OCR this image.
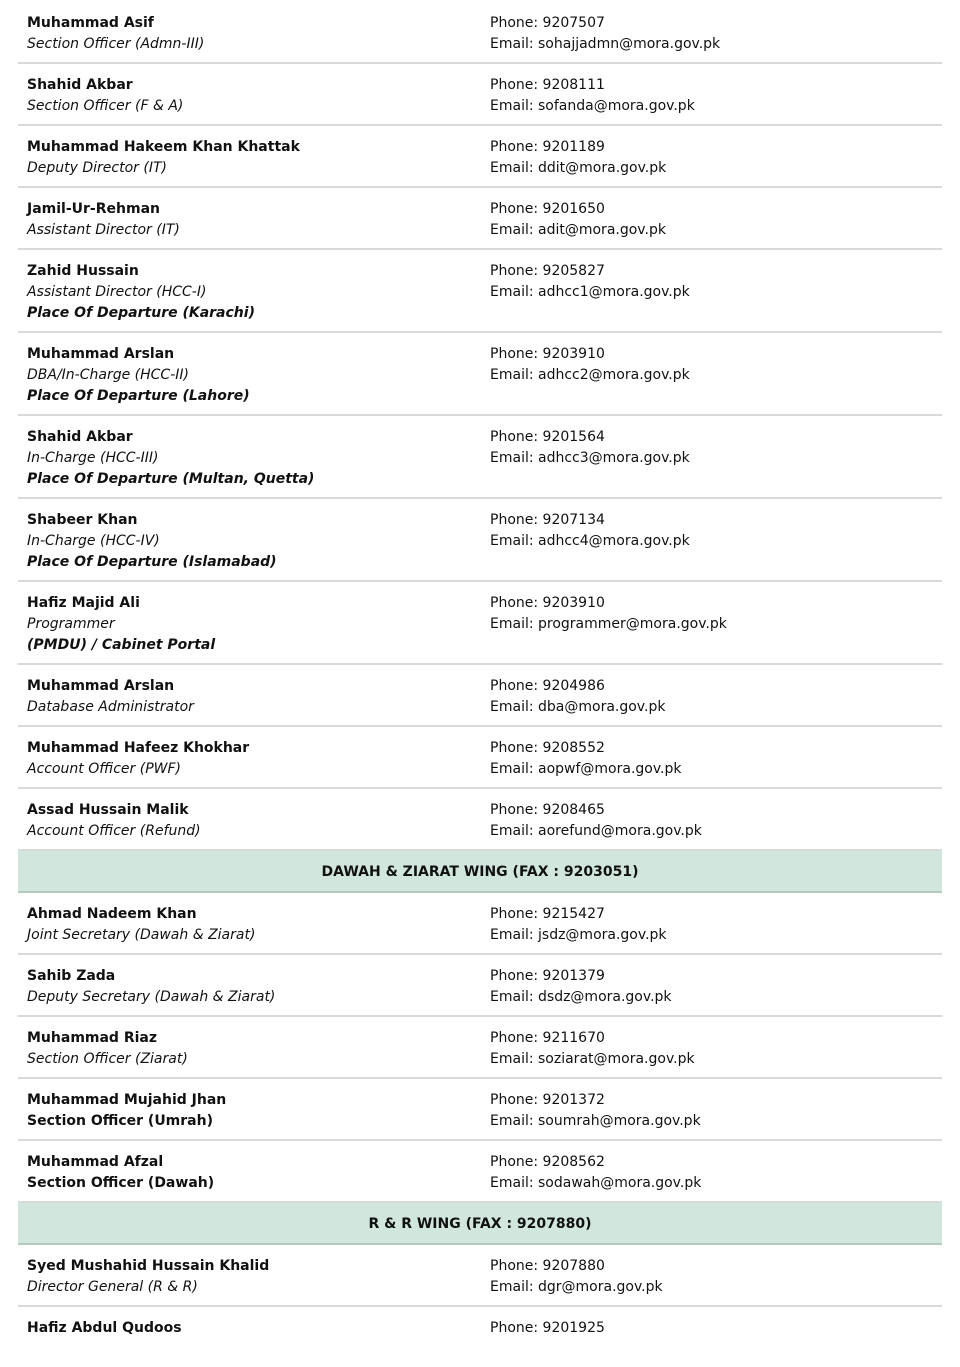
Muhammad Asif
Section Officer (Admn-III)
Phone: 9207507
Email: sohajjadmn@mora.gov.pk
Shahid Akbar
Section Officer (F & A)
Phone: 9208111
Email: sofanda@mora.gov.pk
Muhammad Hakeem Khan Khattak
Deputy Director (IT)
Phone: 9201189
Email: ddit@mora.gov.pk
Jamil-Ur-Rehman
Assistant Director (IT)
Phone: 9201650
Email: adit@mora.gov.pk
Zahid Hussain
Assistant Director (HCC-I)
Place Of Departure (Karachi)
Phone: 9205827
Email: adhcc1@mora.gov.pk
Muhammad Arslan
DBA/In-Charge (HCC-II)
Place Of Departure (Lahore)
Phone: 9203910
Email: adhcc2@mora.gov.pk
Shahid Akbar
In-Charge (HCC-III)
Place Of Departure (Multan, Quetta)
Phone: 9201564
Email: adhcc3@mora.gov.pk
Shabeer Khan
In-Charge (HCC-IV)
Place Of Departure (Islamabad)
Phone: 9207134
Email: adhcc4@mora.gov.pk
Hafiz Majid Ali
Programmer
(PMDU) / Cabinet Portal
Phone: 9203910
Email: programmer@mora.gov.pk
Muhammad Arslan
Database Administrator
Phone: 9204986
Email: dba@mora.gov.pk
Muhammad Hafeez Khokhar
Account Officer (PWF)
Phone: 9208552
Email: aopwf@mora.gov.pk
Assad Hussain Malik
Account Officer (Refund)
Phone: 9208465
Email: aorefund@mora.gov.pk
DAWAH & ZIARAT WING (FAX : 9203051)
Ahmad Nadeem Khan
Joint Secretary (Dawah & Ziarat)
Phone: 9215427
Email: jsdz@mora.gov.pk
Sahib Zada
Deputy Secretary (Dawah & Ziarat)
Phone: 9201379
Email: dsdz@mora.gov.pk
Muhammad Riaz
Section Officer (Ziarat)
Phone: 9211670
Email: soziarat@mora.gov.pk
Muhammad Mujahid Jhan
Section Officer (Umrah)
Phone: 9201372
Email: soumrah@mora.gov.pk
Muhammad Afzal
Section Officer (Dawah)
Phone: 9208562
Email: sodawah@mora.gov.pk
R & R WING (FAX : 9207880)
Syed Mushahid Hussain Khalid
Director General (R & R)
Phone: 9207880
Email: dgr@mora.gov.pk
Hafiz Abdul Qudoos	Phone: 9201925
